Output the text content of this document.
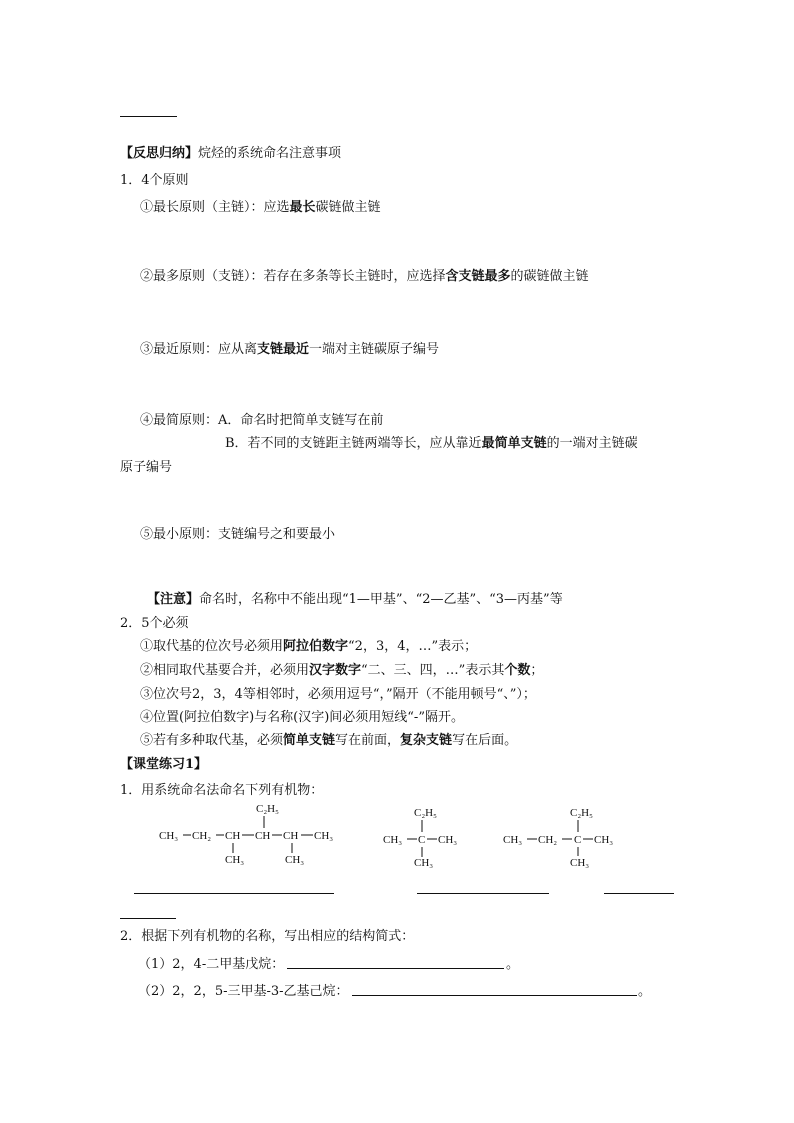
【反思归纳】烷烃的系统命名注意事项
1．4个原则
①最长原则（主链）：应选最长碳链做主链
②最多原则（支链）：若存在多条等长主链时，应选择含支链最多的碳链做主链
③最近原则：应从离支链最近一端对主链碳原子编号
④最简原则：A．命名时把简单支链写在前
B．若不同的支链距主链两端等长，应从靠近最简单支链的一端对主链碳
原子编号
⑤最小原则：支链编号之和要最小
【注意】命名时，名称中不能出现“1—甲基”、“2—乙基”、“3—丙基”等
2．5个必须
①取代基的位次号必须用阿拉伯数字“2，3，4，…”表示；
②相同取代基要合并，必须用汉字数字“二、三、四，…”表示其个数；
③位次号2，3，4等相邻时，必须用逗号“，”隔开（不能用顿号“、”）；
④位置(阿拉伯数字)与名称(汉字)间必须用短线“-”隔开。
⑤若有多种取代基，必须简单支链写在前面，复杂支链写在后面。
【课堂练习1】
1．用系统命名法命名下列有机物：
C₂H₅
CH₃ CH₂ CH CH CH CH₃
CH₃	CH₃
C₂H₅
CH₃ C CH₃
CH₃
C₂H₅
CH₃ CH₂ C CH₃
CH₃
2．根据下列有机物的名称，写出相应的结构简式：
（1）2，4-二甲基戊烷：	。
（2）2，2，5-三甲基-3-乙基己烷：	。
